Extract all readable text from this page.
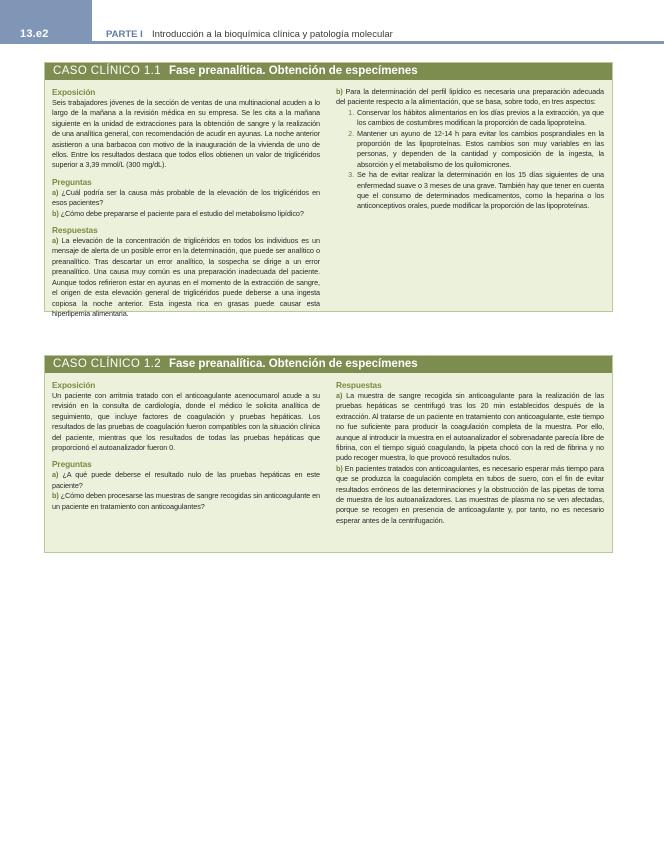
13.e2	PARTE I Introducción a la bioquímica clínica y patología molecular
CASO CLÍNICO 1.1 Fase preanalítica. Obtención de especímenes
Exposición

Seis trabajadores jóvenes de la sección de ventas de una multinacional acuden a lo largo de la mañana a la revisión médica en su empresa. Se les cita a la mañana siguiente en la unidad de extracciones para la obtención de sangre y la realización de una analítica general, con recomendación de acudir en ayunas. La noche anterior asistieron a una barbacoa con motivo de la inauguración de la vivienda de uno de ellos. Entre los resultados destaca que todos ellos obtienen un valor de triglicéridos superior a 3,39 mmol/L (300 mg/dL).

Preguntas

a) ¿Cuál podría ser la causa más probable de la elevación de los triglicéridos en esos pacientes?

b) ¿Cómo debe prepararse el paciente para el estudio del metabolismo lipídico?

Respuestas

a) La elevación de la concentración de triglicéridos en todos los individuos es un mensaje de alerta de un posible error en la determinación, que puede ser analítico o preanalítico. Tras descartar un error analítico, la sospecha se dirige a un error preanalítico. Una causa muy común es una preparación inadecuada del paciente. Aunque todos refirieron estar en ayunas en el momento de la extracción de sangre, el origen de esta elevación general de triglicéridos puede deberse a una ingesta copiosa la noche anterior. Esta ingesta rica en grasas puede causar esta hiperlipemia alimentaria.

b) Para la determinación del perfil lipídico es necesaria una preparación adecuada del paciente respecto a la alimentación, que se basa, sobre todo, en tres aspectos:

1. Conservar los hábitos alimentarios en los días previos a la extracción, ya que los cambios de costumbres modifican la proporción de cada lipoproteína.
2. Mantener un ayuno de 12-14 h para evitar los cambios posprandiales en la proporción de las lipoproteínas. Estos cambios son muy variables en las personas, y dependen de la cantidad y composición de la ingesta, la absorción y el metabolismo de los quilomicrones.
3. Se ha de evitar realizar la determinación en los 15 días siguientes de una enfermedad suave o 3 meses de una grave. También hay que tener en cuenta que el consumo de determinados medicamentos, como la heparina o los anticonceptivos orales, puede modificar la proporción de las lipoproteínas.
CASO CLÍNICO 1.2 Fase preanalítica. Obtención de especímenes
Exposición

Un paciente con arritmia tratado con el anticoagulante acenocumarol acude a su revisión en la consulta de cardiología, donde el médico le solicita analítica de seguimiento, que incluye factores de coagulación y pruebas hepáticas. Los resultados de las pruebas de coagulación fueron compatibles con la situación clínica del paciente, mientras que los resultados de todas las pruebas hepáticas que proporcionó el autoanalizador fueron 0.

Preguntas

a) ¿A qué puede deberse el resultado nulo de las pruebas hepáticas en este paciente?

b) ¿Cómo deben procesarse las muestras de sangre recogidas sin anticoagulante en un paciente en tratamiento con anticoagulantes?

Respuestas

a) La muestra de sangre recogida sin anticoagulante para la realización de las pruebas hepáticas se centrifugó tras los 20 min establecidos después de la extracción. Al tratarse de un paciente en tratamiento con anticoagulante, este tiempo no fue suficiente para producir la coagulación completa de la muestra. Por ello, aunque al introducir la muestra en el autoanalizador el sobrenadante parecía libre de fibrina, con el tiempo siguió coagulando, la pipeta chocó con la red de fibrina y no pudo recoger muestra, lo que provocó resultados nulos.

b) En pacientes tratados con anticoagulantes, es necesario esperar más tiempo para que se produzca la coagulación completa en tubos de suero, con el fin de evitar resultados erróneos de las determinaciones y la obstrucción de las pipetas de toma de muestra de los autoanalizadores. Las muestras de plasma no se ven afectadas, porque se recogen en presencia de anticoagulante y, por tanto, no es necesario esperar antes de la centrifugación.
